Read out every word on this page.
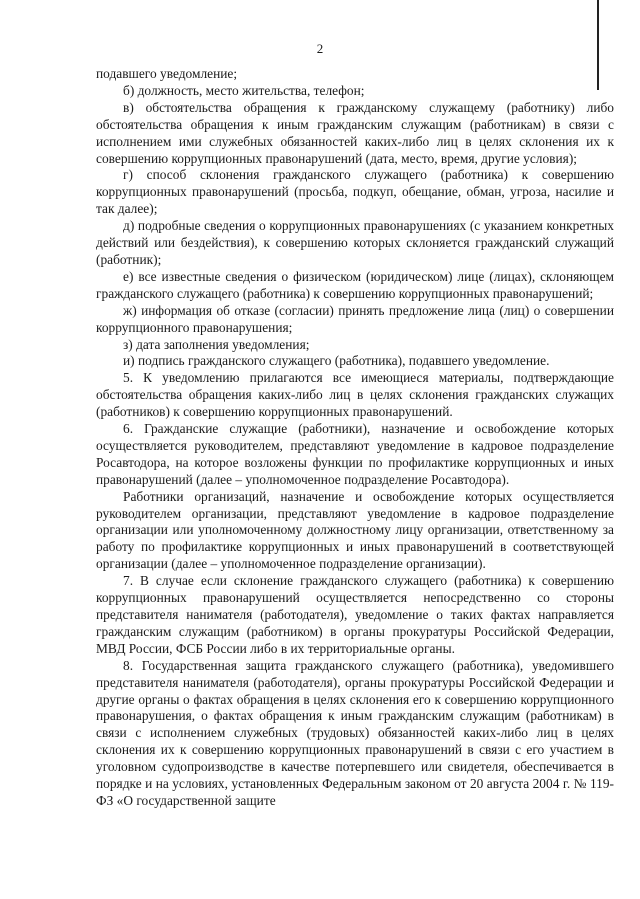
2

подавшего уведомление;

б) должность, место жительства, телефон;

в) обстоятельства обращения к гражданскому служащему (работнику) либо обстоятельства обращения к иным гражданским служащим (работникам) в связи с исполнением ими служебных обязанностей каких-либо лиц в целях склонения их к совершению коррупционных правонарушений (дата, место, время, другие условия);

г) способ склонения гражданского служащего (работника) к совершению коррупционных правонарушений (просьба, подкуп, обещание, обман, угроза, насилие и так далее);

д) подробные сведения о коррупционных правонарушениях (с указанием конкретных действий или бездействия), к совершению которых склоняется гражданский служащий (работник);

е) все известные сведения о физическом (юридическом) лице (лицах), склоняющем гражданского служащего (работника) к совершению коррупционных правонарушений;

ж) информация об отказе (согласии) принять предложение лица (лиц) о совершении коррупционного правонарушения;

з) дата заполнения уведомления;

и) подпись гражданского служащего (работника), подавшего уведомление.

5. К уведомлению прилагаются все имеющиеся материалы, подтверждающие обстоятельства обращения каких-либо лиц в целях склонения гражданских служащих (работников) к совершению коррупционных правонарушений.

6. Гражданские служащие (работники), назначение и освобождение которых осуществляется руководителем, представляют уведомление в кадровое подразделение Росавтодора, на которое возложены функции по профилактике коррупционных и иных правонарушений (далее – уполномоченное подразделение Росавтодора).

Работники организаций, назначение и освобождение которых осуществляется руководителем организации, представляют уведомление в кадровое подразделение организации или уполномоченному должностному лицу организации, ответственному за работу по профилактике коррупционных и иных правонарушений в соответствующей организации (далее – уполномоченное подразделение организации).

7. В случае если склонение гражданского служащего (работника) к совершению коррупционных правонарушений осуществляется непосредственно со стороны представителя нанимателя (работодателя), уведомление о таких фактах направляется гражданским служащим (работником) в органы прокуратуры Российской Федерации, МВД России, ФСБ России либо в их территориальные органы.

8. Государственная защита гражданского служащего (работника), уведомившего представителя нанимателя (работодателя), органы прокуратуры Российской Федерации и другие органы о фактах обращения в целях склонения его к совершению коррупционного правонарушения, о фактах обращения к иным гражданским служащим (работникам) в связи с исполнением служебных (трудовых) обязанностей каких-либо лиц в целях склонения их к совершению коррупционных правонарушений в связи с его участием в уголовном судопроизводстве в качестве потерпевшего или свидетеля, обеспечивается в порядке и на условиях, установленных Федеральным законом от 20 августа 2004 г. № 119-ФЗ «О государственной защите
